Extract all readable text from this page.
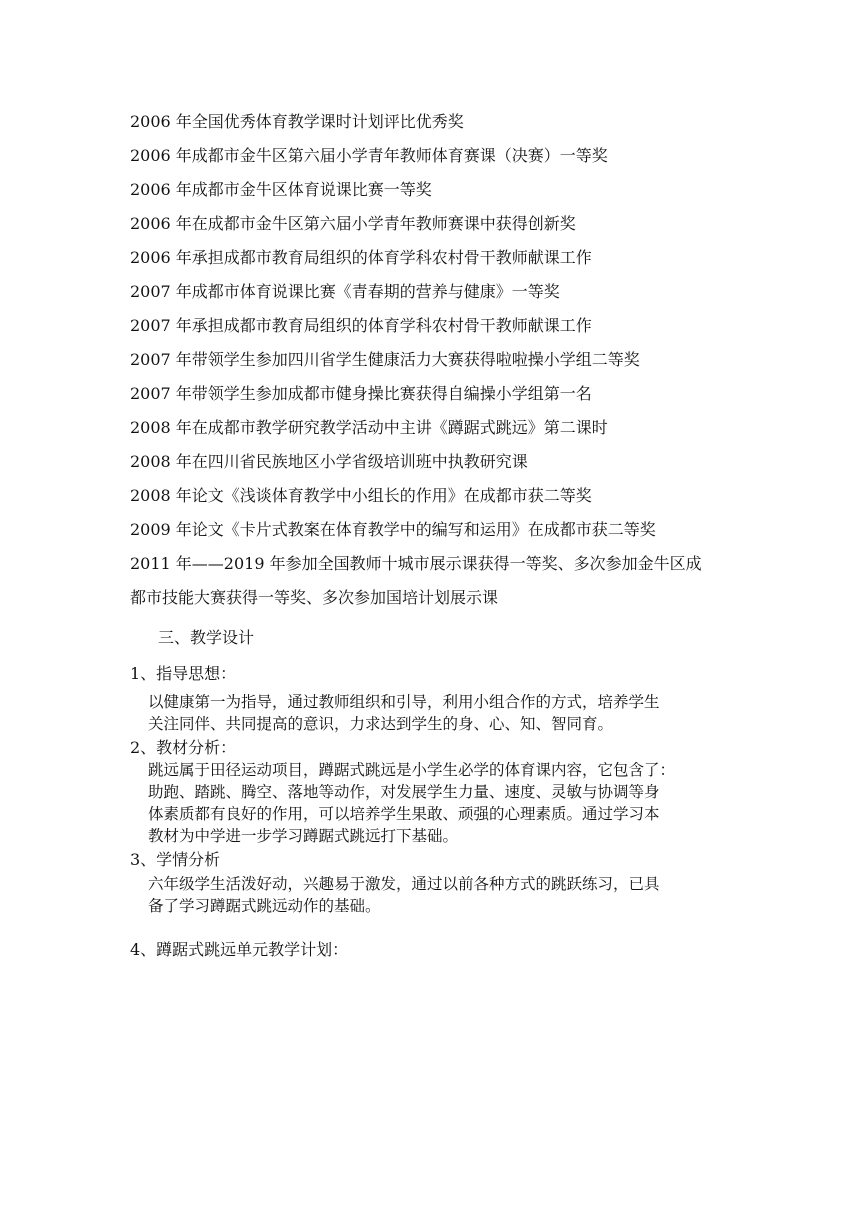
2006 年全国优秀体育教学课时计划评比优秀奖
2006 年成都市金牛区第六届小学青年教师体育赛课（决赛）一等奖
2006 年成都市金牛区体育说课比赛一等奖
2006 年在成都市金牛区第六届小学青年教师赛课中获得创新奖
2006 年承担成都市教育局组织的体育学科农村骨干教师献课工作
2007 年成都市体育说课比赛《青春期的营养与健康》一等奖
2007 年承担成都市教育局组织的体育学科农村骨干教师献课工作
2007 年带领学生参加四川省学生健康活力大赛获得啦啦操小学组二等奖
2007 年带领学生参加成都市健身操比赛获得自编操小学组第一名
2008 年在成都市教学研究教学活动中主讲《蹲踞式跳远》第二课时
2008 年在四川省民族地区小学省级培训班中执教研究课
2008 年论文《浅谈体育教学中小组长的作用》在成都市获二等奖
2009 年论文《卡片式教案在体育教学中的编写和运用》在成都市获二等奖
2011 年——2019 年参加全国教师十城市展示课获得一等奖、多次参加金牛区成
都市技能大赛获得一等奖、多次参加国培计划展示课
三、教学设计
1、指导思想：
以健康第一为指导，通过教师组织和引导，利用小组合作的方式，培养学生
关注同伴、共同提高的意识，力求达到学生的身、心、知、智同育。
2、教材分析：
跳远属于田径运动项目，蹲踞式跳远是小学生必学的体育课内容，它包含了：
助跑、踏跳、腾空、落地等动作，对发展学生力量、速度、灵敏与协调等身
体素质都有良好的作用，可以培养学生果敢、顽强的心理素质。通过学习本
教材为中学进一步学习蹲踞式跳远打下基础。
3、学情分析
六年级学生活泼好动，兴趣易于激发，通过以前各种方式的跳跃练习，已具
备了学习蹲踞式跳远动作的基础。
4、蹲踞式跳远单元教学计划：
